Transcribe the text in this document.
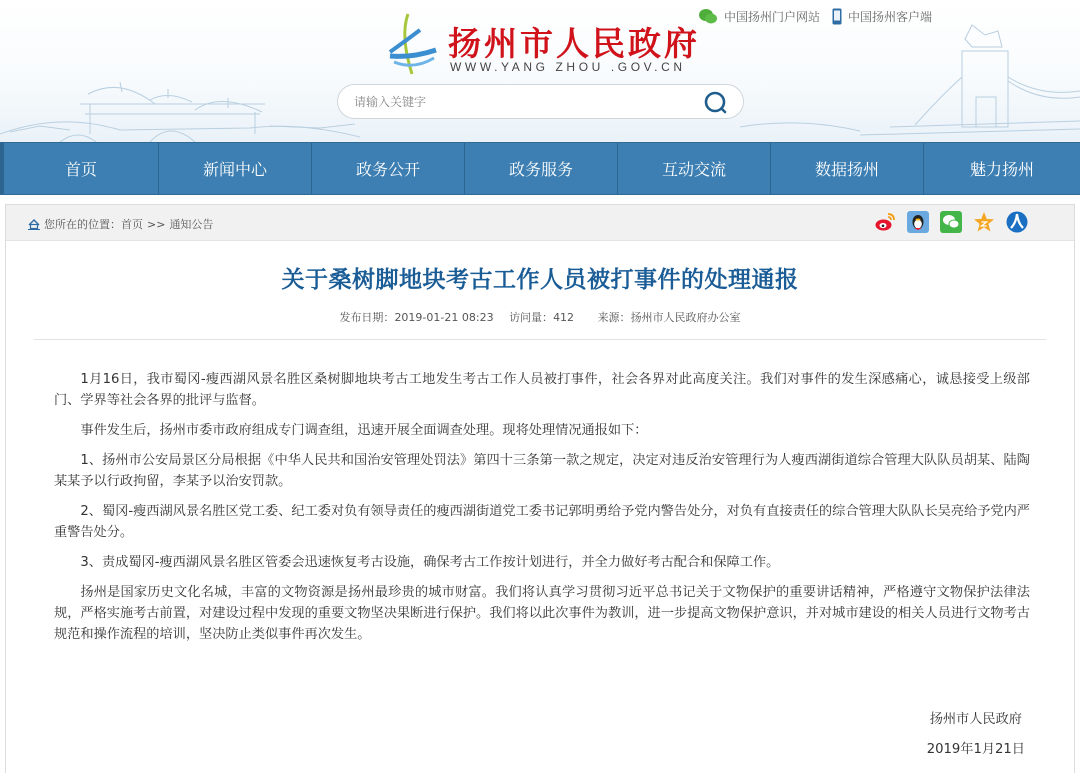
扬州市人民政府
WWW.YANG ZHOU .GOV.CN
中国扬州门户网站 中国扬州客户端
请输入关键字
首页	新闻中心	政务公开	政务服务	互动交流	数据扬州	魅力扬州
您所在的位置： 首页 >> 通知公告
关于桑树脚地块考古工作人员被打事件的处理通报
发布日期：2019-01-21 08:23 访问量：412 来源：扬州市人民政府办公室

1月16日，我市蜀冈-瘦西湖风景名胜区桑树脚地块考古工地发生考古工作人员被打事件，社会各界对此高度关注。我们对事件的发生深感痛心，诚恳接受上级部门、学界等社会各界的批评与监督。

事件发生后，扬州市委市政府组成专门调查组，迅速开展全面调查处理。现将处理情况通报如下：

1、扬州市公安局景区分局根据《中华人民共和国治安管理处罚法》第四十三条第一款之规定，决定对违反治安管理行为人瘦西湖街道综合管理大队队员胡某、陆陶某某予以行政拘留，李某予以治安罚款。

2、蜀冈-瘦西湖风景名胜区党工委、纪工委对负有领导责任的瘦西湖街道党工委书记郭明勇给予党内警告处分，对负有直接责任的综合管理大队队长吴亮给予党内严重警告处分。

3、责成蜀冈-瘦西湖风景名胜区管委会迅速恢复考古设施，确保考古工作按计划进行，并全力做好考古配合和保障工作。

扬州是国家历史文化名城，丰富的文物资源是扬州最珍贵的城市财富。我们将认真学习贯彻习近平总书记关于文物保护的重要讲话精神，严格遵守文物保护法律法规，严格实施考古前置，对建设过程中发现的重要文物坚决果断进行保护。我们将以此次事件为教训，进一步提高文物保护意识，并对城市建设的相关人员进行文物考古规范和操作流程的培训，坚决防止类似事件再次发生。

扬州市人民政府
2019年1月21日
